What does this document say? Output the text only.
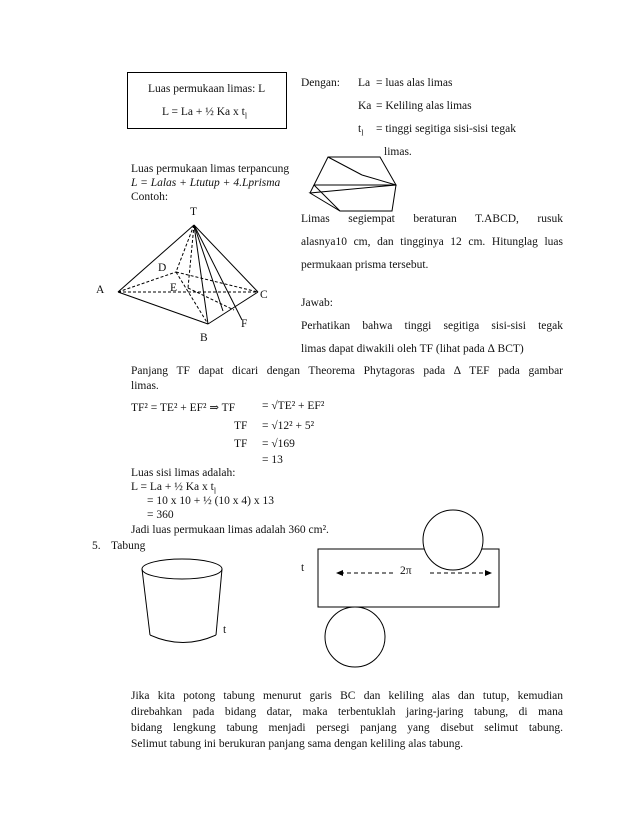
Luas permukaan limas: L
L = La + ½ Ka x $t_l$
Dengan: La = luas alas limas
Ka = Keliling alas limas
$t_l$ = tinggi segitiga sisi-sisi tegak
limas.
Luas permukaan limas terpancung
L = Lalas + Ltutup + 4.Lprisma
Contoh:
T
D
A	E
C
F
B
Limas segiempat beraturan T.ABCD, rusuk
alasnya10 cm, dan tingginya 12 cm. Hitunglag luas
permukaan prisma tersebut.
Jawab:
Perhatikan bahwa tinggi segitiga sisi-sisi tegak
limas dapat diwakili oleh TF (lihat pada ∆ BCT)
Panjang TF dapat dicari dengan Theorema Phytagoras pada ∆ TEF pada gambar
limas.
TF² = TE² + EF² ⇒ TF = √TE² + EF²
TF = √12² + 5²
TF = √169
= 13
Luas sisi limas adalah:
L = La + ½ Ka x $t_l$
= 10 x 10 + ½ (10 x 4) x 13
= 360
Jadi luas permukaan limas adalah 360 cm².
5. Tabung
t
t	2π
Jika kita potong tabung menurut garis BC dan keliling alas dan tutup, kemudian
direbahkan pada bidang datar, maka terbentuklah jaring-jaring tabung, di mana
bidang lengkung tabung menjadi persegi panjang yang disebut selimut tabung.
Selimut tabung ini berukuran panjang sama dengan keliling alas tabung.
